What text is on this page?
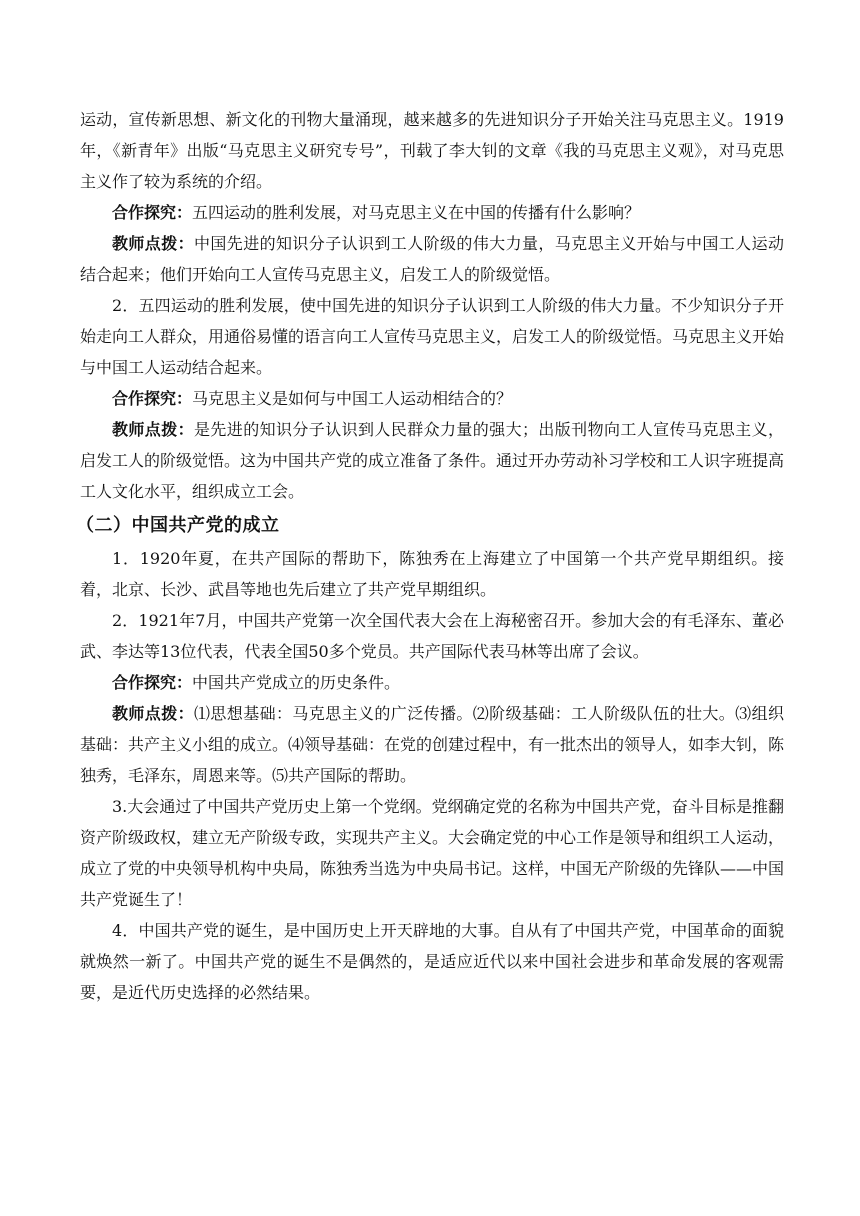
运动，宣传新思想、新文化的刊物大量涌现，越来越多的先进知识分子开始关注马克思主义。1919年，《新青年》出版“马克思主义研究专号”，刊载了李大钊的文章《我的马克思主义观》，对马克思主义作了较为系统的介绍。

合作探究：五四运动的胜利发展，对马克思主义在中国的传播有什么影响？

教师点拨：中国先进的知识分子认识到工人阶级的伟大力量，马克思主义开始与中国工人运动结合起来；他们开始向工人宣传马克思主义，启发工人的阶级觉悟。

2．五四运动的胜利发展，使中国先进的知识分子认识到工人阶级的伟大力量。不少知识分子开始走向工人群众，用通俗易懂的语言向工人宣传马克思主义，启发工人的阶级觉悟。马克思主义开始与中国工人运动结合起来。

合作探究：马克思主义是如何与中国工人运动相结合的？

教师点拨：是先进的知识分子认识到人民群众力量的强大；出版刊物向工人宣传马克思主义，启发工人的阶级觉悟。这为中国共产党的成立准备了条件。通过开办劳动补习学校和工人识字班提高工人文化水平，组织成立工会。

（二）中国共产党的成立

1．1920年夏，在共产国际的帮助下，陈独秀在上海建立了中国第一个共产党早期组织。接着，北京、长沙、武昌等地也先后建立了共产党早期组织。

2．1921年7月，中国共产党第一次全国代表大会在上海秘密召开。参加大会的有毛泽东、董必武、李达等13位代表，代表全国50多个党员。共产国际代表马林等出席了会议。

合作探究：中国共产党成立的历史条件。

教师点拨：⑴思想基础：马克思主义的广泛传播。⑵阶级基础：工人阶级队伍的壮大。⑶组织基础：共产主义小组的成立。⑷领导基础：在党的创建过程中，有一批杰出的领导人，如李大钊，陈独秀，毛泽东，周恩来等。⑸共产国际的帮助。

3.大会通过了中国共产党历史上第一个党纲。党纲确定党的名称为中国共产党，奋斗目标是推翻资产阶级政权，建立无产阶级专政，实现共产主义。大会确定党的中心工作是领导和组织工人运动，成立了党的中央领导机构中央局，陈独秀当选为中央局书记。这样，中国无产阶级的先锋队——中国共产党诞生了！

4．中国共产党的诞生，是中国历史上开天辟地的大事。自从有了中国共产党，中国革命的面貌就焕然一新了。中国共产党的诞生不是偶然的，是适应近代以来中国社会进步和革命发展的客观需要，是近代历史选择的必然结果。
